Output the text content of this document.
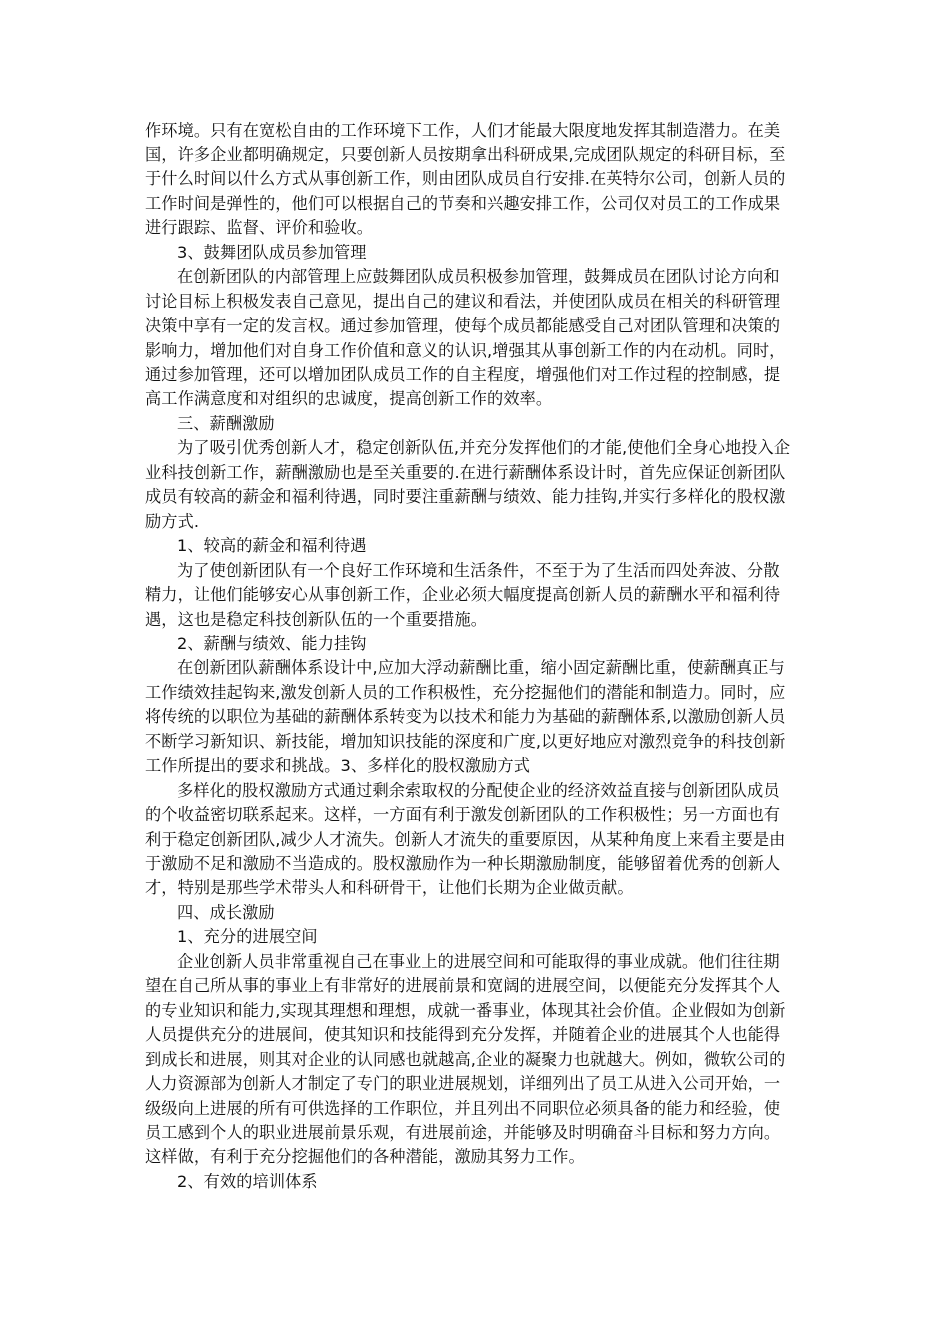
作环境。只有在宽松自由的工作环境下工作，人们才能最大限度地发挥其制造潜力。在美
国，许多企业都明确规定，只要创新人员按期拿出科研成果,完成团队规定的科研目标，至
于什么时间以什么方式从事创新工作，则由团队成员自行安排.在英特尔公司，创新人员的
工作时间是弹性的，他们可以根据自己的节奏和兴趣安排工作，公司仅对员工的工作成果
进行跟踪、监督、评价和验收。
3、鼓舞团队成员参加管理
在创新团队的内部管理上应鼓舞团队成员积极参加管理，鼓舞成员在团队讨论方向和
讨论目标上积极发表自己意见，提出自己的建议和看法，并使团队成员在相关的科研管理
决策中享有一定的发言权。通过参加管理，使每个成员都能感受自己对团队管理和决策的
影响力，增加他们对自身工作价值和意义的认识,增强其从事创新工作的内在动机。同时，
通过参加管理，还可以增加团队成员工作的自主程度，增强他们对工作过程的控制感，提
高工作满意度和对组织的忠诚度，提高创新工作的效率。
三、薪酬激励
为了吸引优秀创新人才，稳定创新队伍,并充分发挥他们的才能,使他们全身心地投入企
业科技创新工作，薪酬激励也是至关重要的.在进行薪酬体系设计时，首先应保证创新团队
成员有较高的薪金和福利待遇，同时要注重薪酬与绩效、能力挂钩,并实行多样化的股权激
励方式.
1、较高的薪金和福利待遇
为了使创新团队有一个良好工作环境和生活条件，不至于为了生活而四处奔波、分散
精力，让他们能够安心从事创新工作，企业必须大幅度提高创新人员的薪酬水平和福利待
遇，这也是稳定科技创新队伍的一个重要措施。
2、薪酬与绩效、能力挂钩
在创新团队薪酬体系设计中,应加大浮动薪酬比重，缩小固定薪酬比重，使薪酬真正与
工作绩效挂起钩来,激发创新人员的工作积极性，充分挖掘他们的潜能和制造力。同时，应
将传统的以职位为基础的薪酬体系转变为以技术和能力为基础的薪酬体系,以激励创新人员
不断学习新知识、新技能，增加知识技能的深度和广度,以更好地应对激烈竞争的科技创新
工作所提出的要求和挑战。3、多样化的股权激励方式
多样化的股权激励方式通过剩余索取权的分配使企业的经济效益直接与创新团队成员
的个收益密切联系起来。这样，一方面有利于激发创新团队的工作积极性；另一方面也有
利于稳定创新团队,减少人才流失。创新人才流失的重要原因，从某种角度上来看主要是由
于激励不足和激励不当造成的。股权激励作为一种长期激励制度，能够留着优秀的创新人
才，特别是那些学术带头人和科研骨干，让他们长期为企业做贡献。
四、成长激励
1、充分的进展空间
企业创新人员非常重视自己在事业上的进展空间和可能取得的事业成就。他们往往期
望在自己所从事的事业上有非常好的进展前景和宽阔的进展空间，以便能充分发挥其个人
的专业知识和能力,实现其理想和理想，成就一番事业，体现其社会价值。企业假如为创新
人员提供充分的进展间，使其知识和技能得到充分发挥，并随着企业的进展其个人也能得
到成长和进展，则其对企业的认同感也就越高,企业的凝聚力也就越大。例如，微软公司的
人力资源部为创新人才制定了专门的职业进展规划，详细列出了员工从进入公司开始，一
级级向上进展的所有可供选择的工作职位，并且列出不同职位必须具备的能力和经验，使
员工感到个人的职业进展前景乐观，有进展前途，并能够及时明确奋斗目标和努力方向。
这样做，有利于充分挖掘他们的各种潜能，激励其努力工作。
2、有效的培训体系
